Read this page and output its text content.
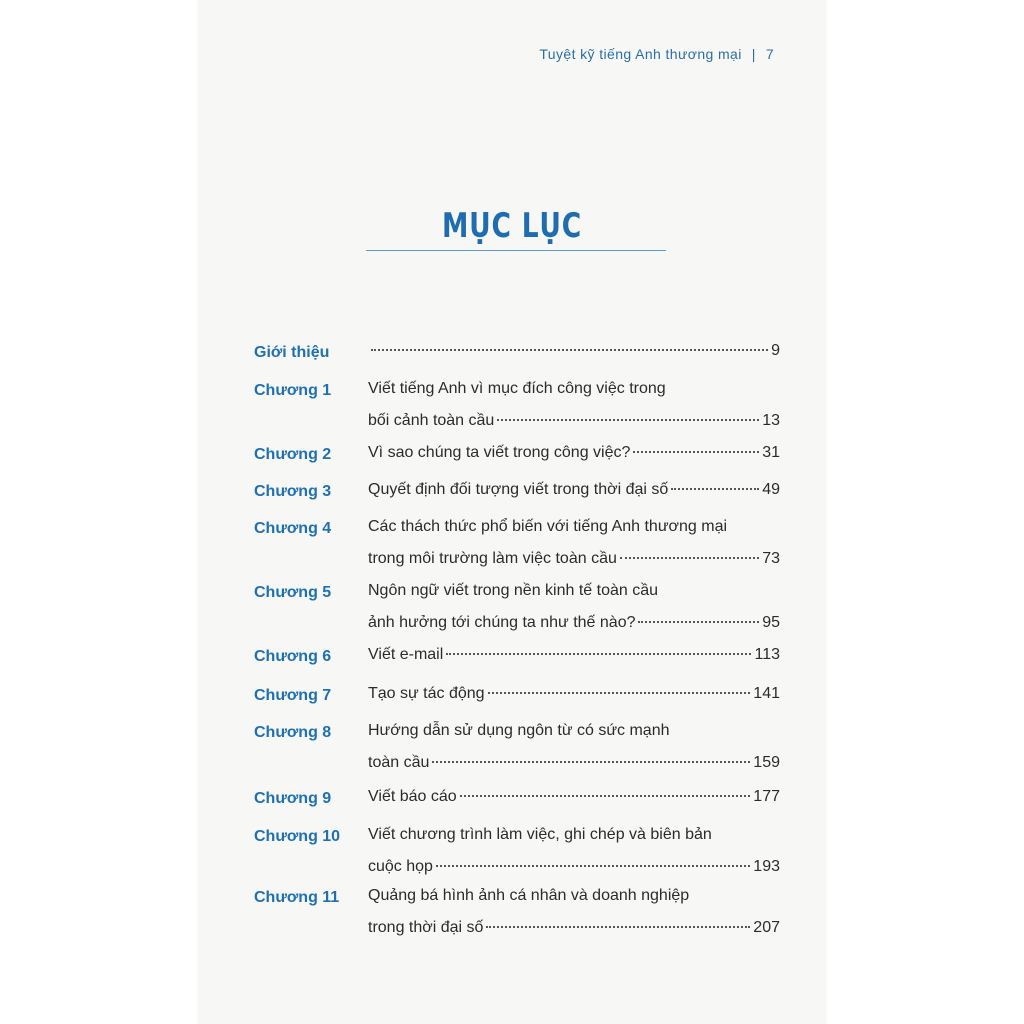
Tuyệt kỹ tiếng Anh thương mại | 7
MỤC LỤC
Giới thiệu	9
Chương 1	Viết tiếng Anh vì mục đích công việc trong
bối cảnh toàn cầu	13
Chương 2	Vì sao chúng ta viết trong công việc?	31
Chương 3	Quyết định đối tượng viết trong thời đại số	49
Chương 4	Các thách thức phổ biến với tiếng Anh thương mại
trong môi trường làm việc toàn cầu	73
Chương 5	Ngôn ngữ viết trong nền kinh tế toàn cầu
ảnh hưởng tới chúng ta như thế nào?	95
Chương 6	Viết e-mail	113
Chương 7	Tạo sự tác động	141
Chương 8	Hướng dẫn sử dụng ngôn từ có sức mạnh
toàn cầu	159
Chương 9	Viết báo cáo	177
Chương 10	Viết chương trình làm việc, ghi chép và biên bản
cuộc họp	193
Chương 11	Quảng bá hình ảnh cá nhân và doanh nghiệp
trong thời đại số	207
